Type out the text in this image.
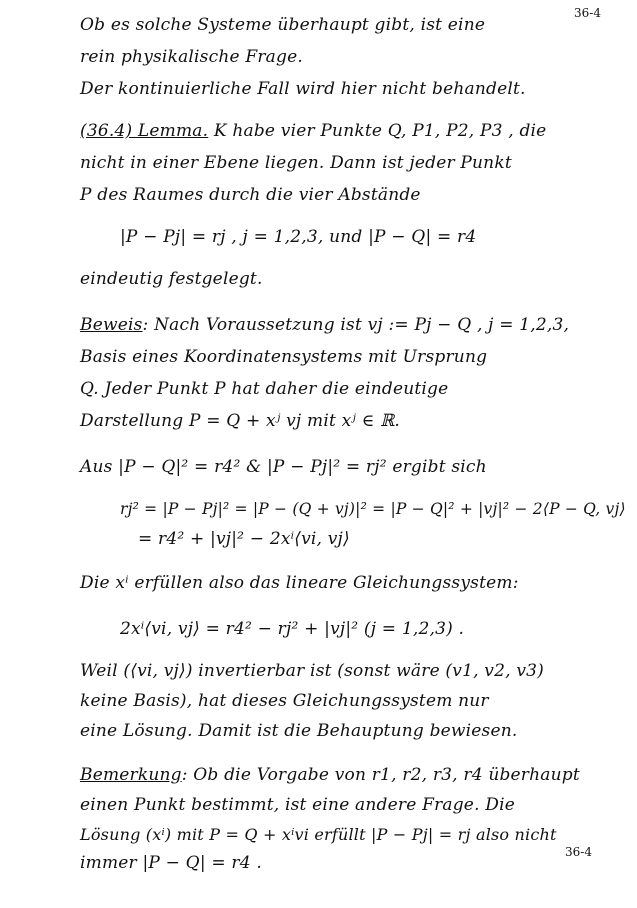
36-4
Ob es solche Systeme überhaupt gibt, ist eine
rein physikalische Frage.
Der kontinuierliche Fall wird hier nicht behandelt.
(36.4) Lemma. K habe vier Punkte Q, P1, P2, P3 , die
nicht in einer Ebene liegen. Dann ist jeder Punkt
P des Raumes durch die vier Abstände
|P − Pj| = rj , j = 1,2,3, und |P − Q| = r4
eindeutig festgelegt.
Beweis: Nach Voraussetzung ist vj := Pj − Q , j = 1,2,3,
Basis eines Koordinatensystems mit Ursprung
Q. Jeder Punkt P hat daher die eindeutige
Darstellung P = Q + xʲ vj mit xʲ ∈ ℝ.
Aus |P − Q|² = r4² & |P − Pj|² = rj² ergibt sich
rj² = |P − Pj|² = |P − (Q + vj)|² = |P − Q|² + |vj|² − 2⟨P − Q, vj⟩
= r4² + |vj|² − 2xⁱ⟨vi, vj⟩
Die xⁱ erfüllen also das lineare Gleichungssystem:
2xⁱ⟨vi, vj⟩ = r4² − rj² + |vj|² (j = 1,2,3) .
Weil (⟨vi, vj⟩) invertierbar ist (sonst wäre (v1, v2, v3)
keine Basis), hat dieses Gleichungssystem nur
eine Lösung. Damit ist die Behauptung bewiesen.
Bemerkung: Ob die Vorgabe von r1, r2, r3, r4 überhaupt
einen Punkt bestimmt, ist eine andere Frage. Die
Lösung (xⁱ) mit P = Q + xⁱvi erfüllt |P − Pj| = rj also nicht
immer |P − Q| = r4 .
36-4
